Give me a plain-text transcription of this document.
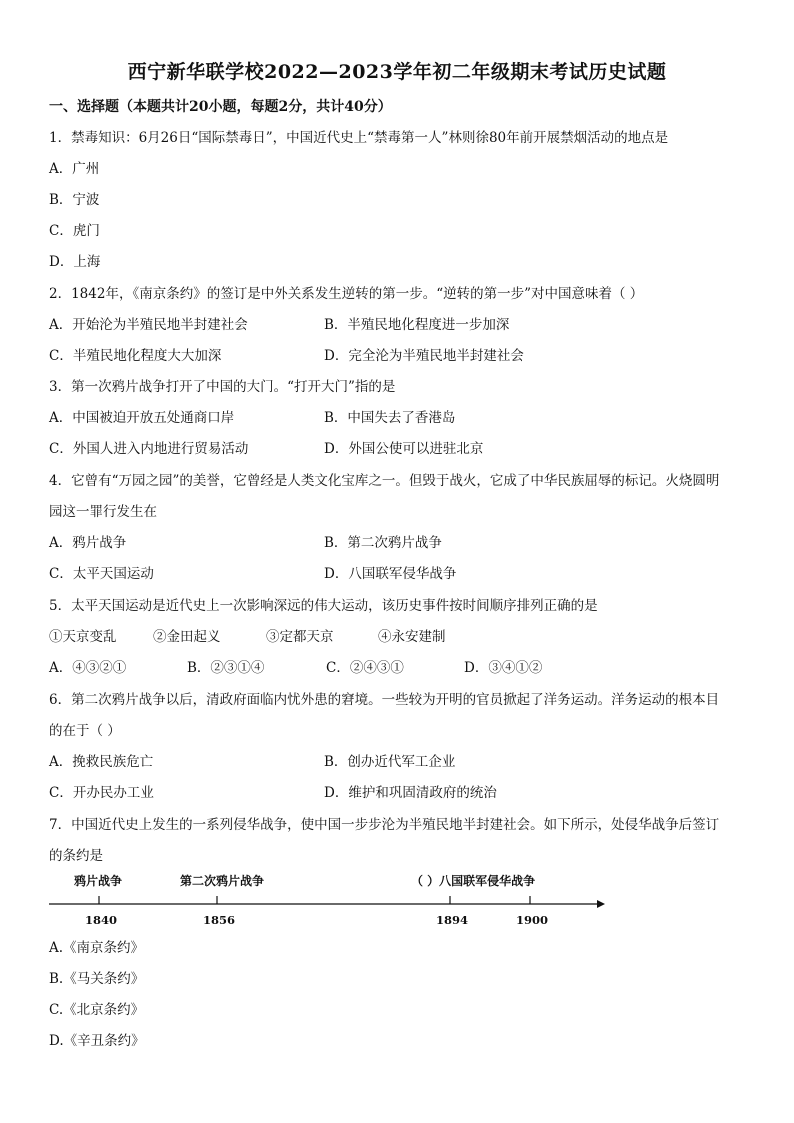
西宁新华联学校2022—2023学年初二年级期末考试历史试题
一、选择题（本题共计20小题，每题2分，共计40分）
1．禁毒知识：6月26日“国际禁毒日”，中国近代史上“禁毒第一人”林则徐80年前开展禁烟活动的地点是
A．广州
B．宁波
C．虎门
D．上海
2．1842年，《南京条约》的签订是中外关系发生逆转的第一步。“逆转的第一步”对中国意味着（ ）
A．开始沦为半殖民地半封建社会	B．半殖民地化程度进一步加深
C．半殖民地化程度大大加深	D．完全沦为半殖民地半封建社会
3．第一次鸦片战争打开了中国的大门。“打开大门”指的是
A．中国被迫开放五处通商口岸	B．中国失去了香港岛
C．外国人进入内地进行贸易活动	D．外国公使可以进驻北京
4．它曾有“万园之园”的美誉，它曾经是人类文化宝库之一。但毁于战火，它成了中华民族屈辱的标记。火烧圆明
园这一罪行发生在
A．鸦片战争	B．第二次鸦片战争
C．太平天国运动	D．八国联军侵华战争
5．太平天国运动是近代史上一次影响深远的伟大运动，该历史事件按时间顺序排列正确的是
①天京变乱	②金田起义	③定都天京	④永安建制
A．④③②①	B．②③①④	C．②④③①	D．③④①②
6．第二次鸦片战争以后，清政府面临内忧外患的窘境。一些较为开明的官员掀起了洋务运动。洋务运动的根本目
的在于（ ）
A．挽救民族危亡	B．创办近代军工企业
C．开办民办工业	D．维护和巩固清政府的统治
7．中国近代史上发生的一系列侵华战争，使中国一步步沦为半殖民地半封建社会。如下所示，处侵华战争后签订
的条约是
鸦片战争	第二次鸦片战争	（ ）八国联军侵华战争
1840	1856	1894	1900
A.《南京条约》
B.《马关条约》
C.《北京条约》
D.《辛丑条约》
